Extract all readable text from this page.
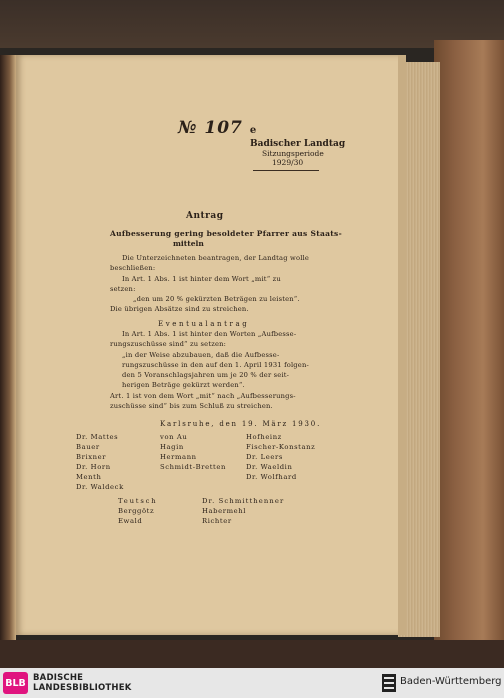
№ 107 e
Badischer Landtag
Sitzungsperiode
1929/30
Antrag
Aufbesserung gering besoldeter Pfarrer aus Staats-
mitteln
Die Unterzeichneten beantragen, der Landtag wolle
beschließen:
In Art. 1 Abs. 1 ist hinter dem Wort „mit“ zu
setzen:
„den um 20 % gekürzten Beträgen zu leisten“.
Die übrigen Absätze sind zu streichen.
Eventualantrag
In Art. 1 Abs. 1 ist hinter den Worten „Aufbesse-
rungszuschüsse sind“ zu setzen:
„in der Weise abzubauen, daß die Aufbesse-
rungszuschüsse in den auf den 1. April 1931 folgen-
den 5 Voranschlagsjahren um je 20 % der seit-
herigen Beträge gekürzt werden“.
Art. 1 ist von dem Wort „mit“ nach „Aufbesserungs-
zuschüsse sind“ bis zum Schluß zu streichen.
Karlsruhe, den 19. März 1930.
Dr. Mattes
Bauer
Brixner
Dr. Horn
Menth
Dr. Waldeck
von Au
Hagin
Hermann
Schmidt-Bretten
Hofheinz
Fischer-Konstanz
Dr. Leers
Dr. Waeldin
Dr. Wolfhard
Teutsch
Berggötz
Ewald
Dr. Schmitthenner
Habermehl
Richter
BLB BADISCHE
LANDESBIBLIOTHEK
Baden-Württemberg
